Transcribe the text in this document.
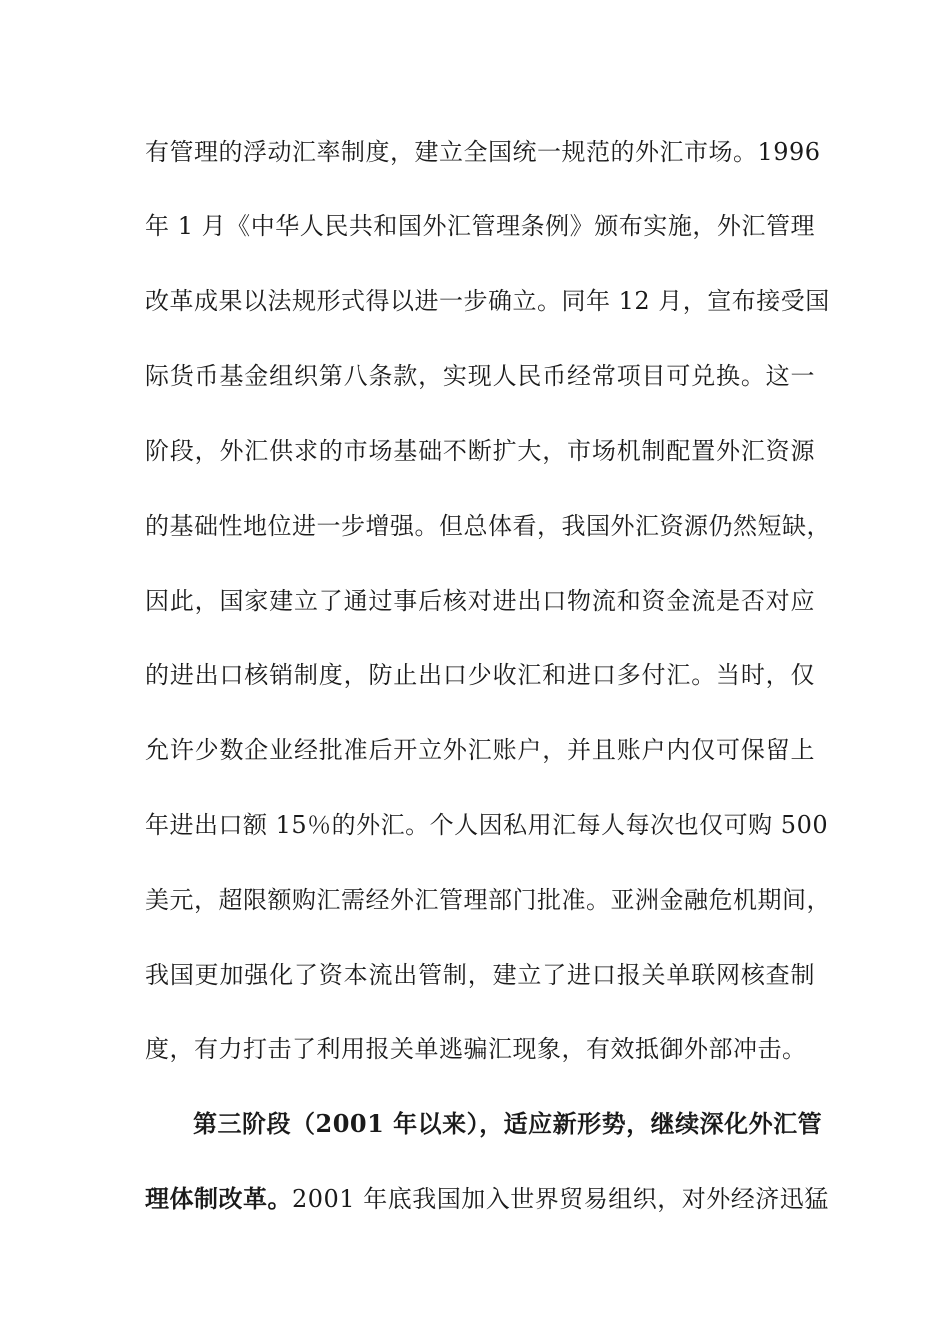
有管理的浮动汇率制度，建立全国统一规范的外汇市场。1996
年 1 月《中华人民共和国外汇管理条例》颁布实施，外汇管理
改革成果以法规形式得以进一步确立。同年 12 月，宣布接受国
际货币基金组织第八条款，实现人民币经常项目可兑换。这一
阶段，外汇供求的市场基础不断扩大，市场机制配置外汇资源
的基础性地位进一步增强。但总体看，我国外汇资源仍然短缺，
因此，国家建立了通过事后核对进出口物流和资金流是否对应
的进出口核销制度，防止出口少收汇和进口多付汇。当时，仅
允许少数企业经批准后开立外汇账户，并且账户内仅可保留上
年进出口额 15％的外汇。个人因私用汇每人每次也仅可购 500
美元，超限额购汇需经外汇管理部门批准。亚洲金融危机期间，
我国更加强化了资本流出管制，建立了进口报关单联网核查制
度，有力打击了利用报关单逃骗汇现象，有效抵御外部冲击。
第三阶段（2001 年以来），适应新形势，继续深化外汇管
理体制改革。2001 年底我国加入世界贸易组织，对外经济迅猛
